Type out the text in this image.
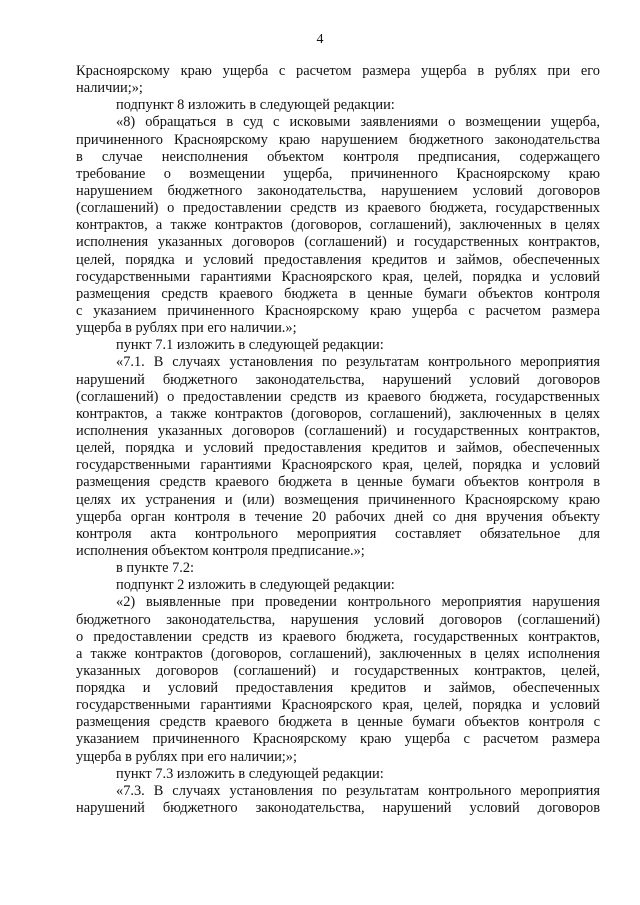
4
Красноярскому краю ущерба с расчетом размера ущерба в рублях при его
наличии;»;
подпункт 8 изложить в следующей редакции:
«8) обращаться в суд с исковыми заявлениями о возмещении ущерба,
причиненного Красноярскому краю нарушением бюджетного законодательства
в случае неисполнения объектом контроля предписания, содержащего
требование о возмещении ущерба, причиненного Красноярскому краю
нарушением бюджетного законодательства, нарушением условий договоров
(соглашений) о предоставлении средств из краевого бюджета, государственных
контрактов, а также контрактов (договоров, соглашений), заключенных в целях
исполнения указанных договоров (соглашений) и государственных контрактов,
целей, порядка и условий предоставления кредитов и займов, обеспеченных
государственными гарантиями Красноярского края, целей, порядка и условий
размещения средств краевого бюджета в ценные бумаги объектов контроля
с указанием причиненного Красноярскому краю ущерба с расчетом размера
ущерба в рублях при его наличии.»;
пункт 7.1 изложить в следующей редакции:
«7.1. В случаях установления по результатам контрольного мероприятия
нарушений бюджетного законодательства, нарушений условий договоров
(соглашений) о предоставлении средств из краевого бюджета, государственных
контрактов, а также контрактов (договоров, соглашений), заключенных в целях
исполнения указанных договоров (соглашений) и государственных контрактов,
целей, порядка и условий предоставления кредитов и займов, обеспеченных
государственными гарантиями Красноярского края, целей, порядка и условий
размещения средств краевого бюджета в ценные бумаги объектов контроля в
целях их устранения и (или) возмещения причиненного Красноярскому краю
ущерба орган контроля в течение 20 рабочих дней со дня вручения объекту
контроля акта контрольного мероприятия составляет обязательное для
исполнения объектом контроля предписание.»;
в пункте 7.2:
подпункт 2 изложить в следующей редакции:
«2) выявленные при проведении контрольного мероприятия нарушения
бюджетного законодательства, нарушения условий договоров (соглашений)
о предоставлении средств из краевого бюджета, государственных контрактов,
а также контрактов (договоров, соглашений), заключенных в целях исполнения
указанных договоров (соглашений) и государственных контрактов, целей,
порядка и условий предоставления кредитов и займов, обеспеченных
государственными гарантиями Красноярского края, целей, порядка и условий
размещения средств краевого бюджета в ценные бумаги объектов контроля с
указанием причиненного Красноярскому краю ущерба с расчетом размера
ущерба в рублях при его наличии;»;
пункт 7.3 изложить в следующей редакции:
«7.3. В случаях установления по результатам контрольного мероприятия
нарушений бюджетного законодательства, нарушений условий договоров
